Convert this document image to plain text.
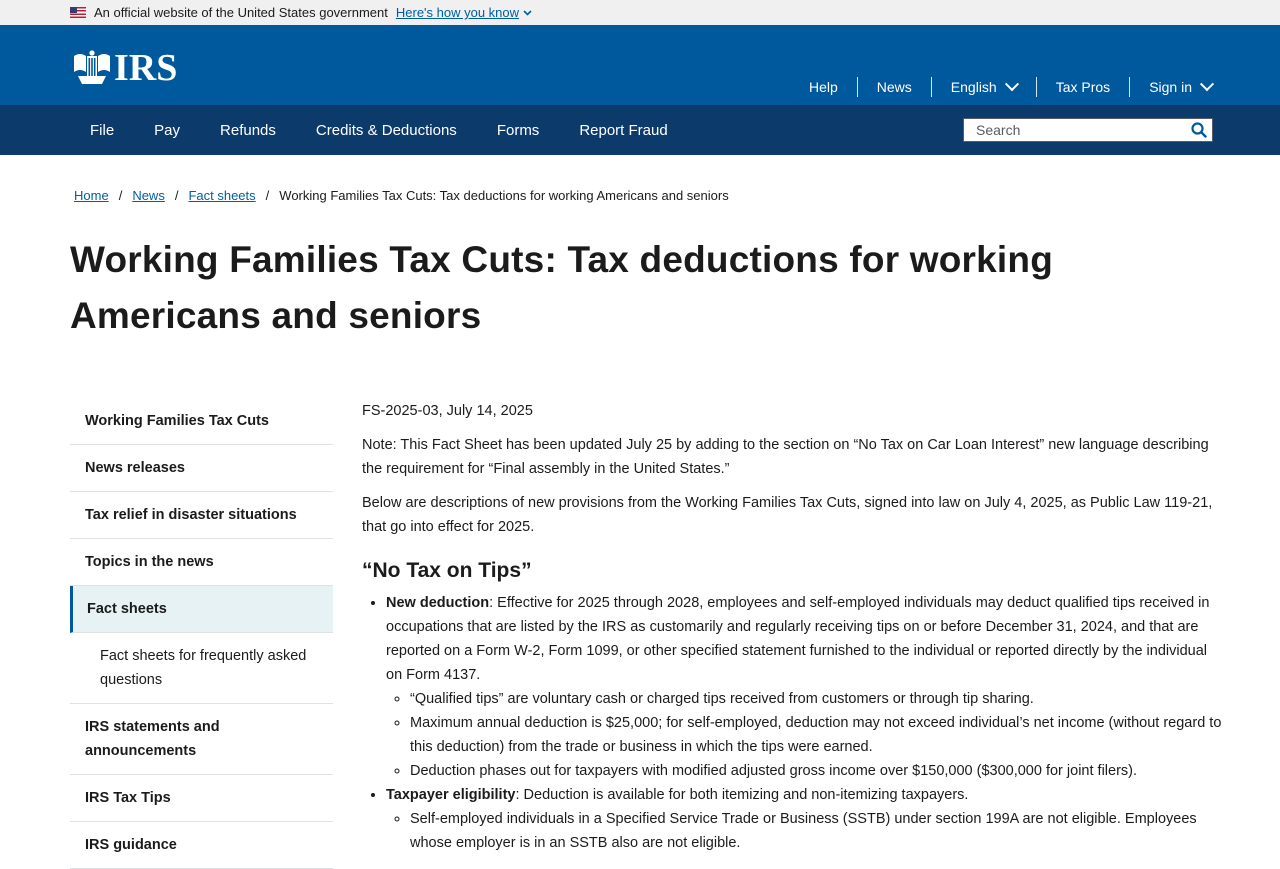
An official website of the United States government Here's how you know
IRS	Help	News	English	Tax Pros	Sign in
File	Pay	Refunds	Credits & Deductions	Forms	Report Fraud
Search
Home / News / Fact sheets / Working Families Tax Cuts: Tax deductions for working Americans and seniors
Working Families Tax Cuts: Tax deductions for working Americans and seniors
Working Families Tax Cuts
News releases
Tax relief in disaster situations
Topics in the news
Fact sheets
Fact sheets for frequently asked questions
IRS statements and announcements
IRS Tax Tips
IRS guidance

FS-2025-03, July 14, 2025

Note: This Fact Sheet has been updated July 25 by adding to the section on “No Tax on Car Loan Interest” new language describing the requirement for “Final assembly in the United States.”

Below are descriptions of new provisions from the Working Families Tax Cuts, signed into law on July 4, 2025, as Public Law 119-21, that go into effect for 2025.

“No Tax on Tips”
• New deduction: Effective for 2025 through 2028, employees and self-employed individuals may deduct qualified tips received in occupations that are listed by the IRS as customarily and regularly receiving tips on or before December 31, 2024, and that are reported on a Form W-2, Form 1099, or other specified statement furnished to the individual or reported directly by the individual on Form 4137.
◦ “Qualified tips” are voluntary cash or charged tips received from customers or through tip sharing.
◦ Maximum annual deduction is $25,000; for self-employed, deduction may not exceed individual’s net income (without regard to this deduction) from the trade or business in which the tips were earned.
◦ Deduction phases out for taxpayers with modified adjusted gross income over $150,000 ($300,000 for joint filers).
• Taxpayer eligibility: Deduction is available for both itemizing and non-itemizing taxpayers.
◦ Self-employed individuals in a Specified Service Trade or Business (SSTB) under section 199A are not eligible. Employees whose employer is in an SSTB also are not eligible.
